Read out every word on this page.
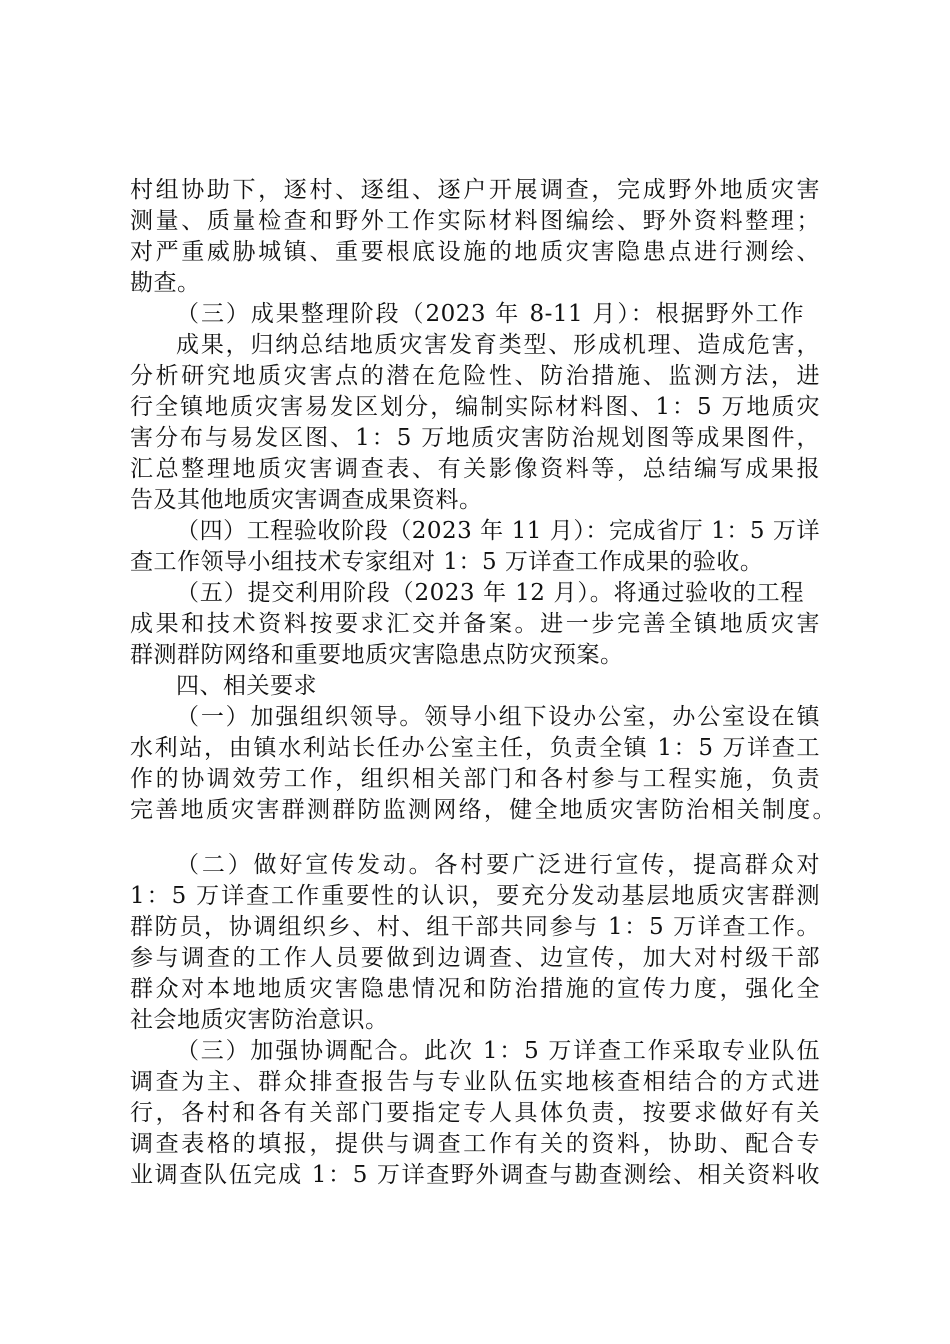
村组协助下，逐村、逐组、逐户开展调查，完成野外地质灾害

测量、质量检查和野外工作实际材料图编绘、野外资料整理；

对严重威胁城镇、重要根底设施的地质灾害隐患点进行测绘、

勘查。

（三）成果整理阶段（2023 年 8-11 月）：根据野外工作

成果，归纳总结地质灾害发育类型、形成机理、造成危害，

分析研究地质灾害点的潜在危险性、防治措施、监测方法，进

行全镇地质灾害易发区划分，编制实际材料图、1：5 万地质灾

害分布与易发区图、1：5 万地质灾害防治规划图等成果图件，

汇总整理地质灾害调查表、有关影像资料等，总结编写成果报

告及其他地质灾害调查成果资料。

（四）工程验收阶段（2023 年 11 月）：完成省厅 1：5 万详

查工作领导小组技术专家组对 1：5 万详查工作成果的验收。

（五）提交利用阶段（2023 年 12 月）。将通过验收的工程

成果和技术资料按要求汇交并备案。进一步完善全镇地质灾害

群测群防网络和重要地质灾害隐患点防灾预案。

四、相关要求

（一）加强组织领导。领导小组下设办公室，办公室设在镇

水利站，由镇水利站长任办公室主任，负责全镇 1：5 万详查工

作的协调效劳工作，组织相关部门和各村参与工程实施，负责

完善地质灾害群测群防监测网络，健全地质灾害防治相关制度。

（二）做好宣传发动。各村要广泛进行宣传，提高群众对

1：5 万详查工作重要性的认识，要充分发动基层地质灾害群测

群防员，协调组织乡、村、组干部共同参与 1：5 万详查工作。

参与调查的工作人员要做到边调查、边宣传，加大对村级干部

群众对本地地质灾害隐患情况和防治措施的宣传力度，强化全

社会地质灾害防治意识。

（三）加强协调配合。此次 1：5 万详查工作采取专业队伍

调查为主、群众排查报告与专业队伍实地核查相结合的方式进

行，各村和各有关部门要指定专人具体负责，按要求做好有关

调查表格的填报，提供与调查工作有关的资料，协助、配合专

业调查队伍完成 1：5 万详查野外调查与勘查测绘、相关资料收
